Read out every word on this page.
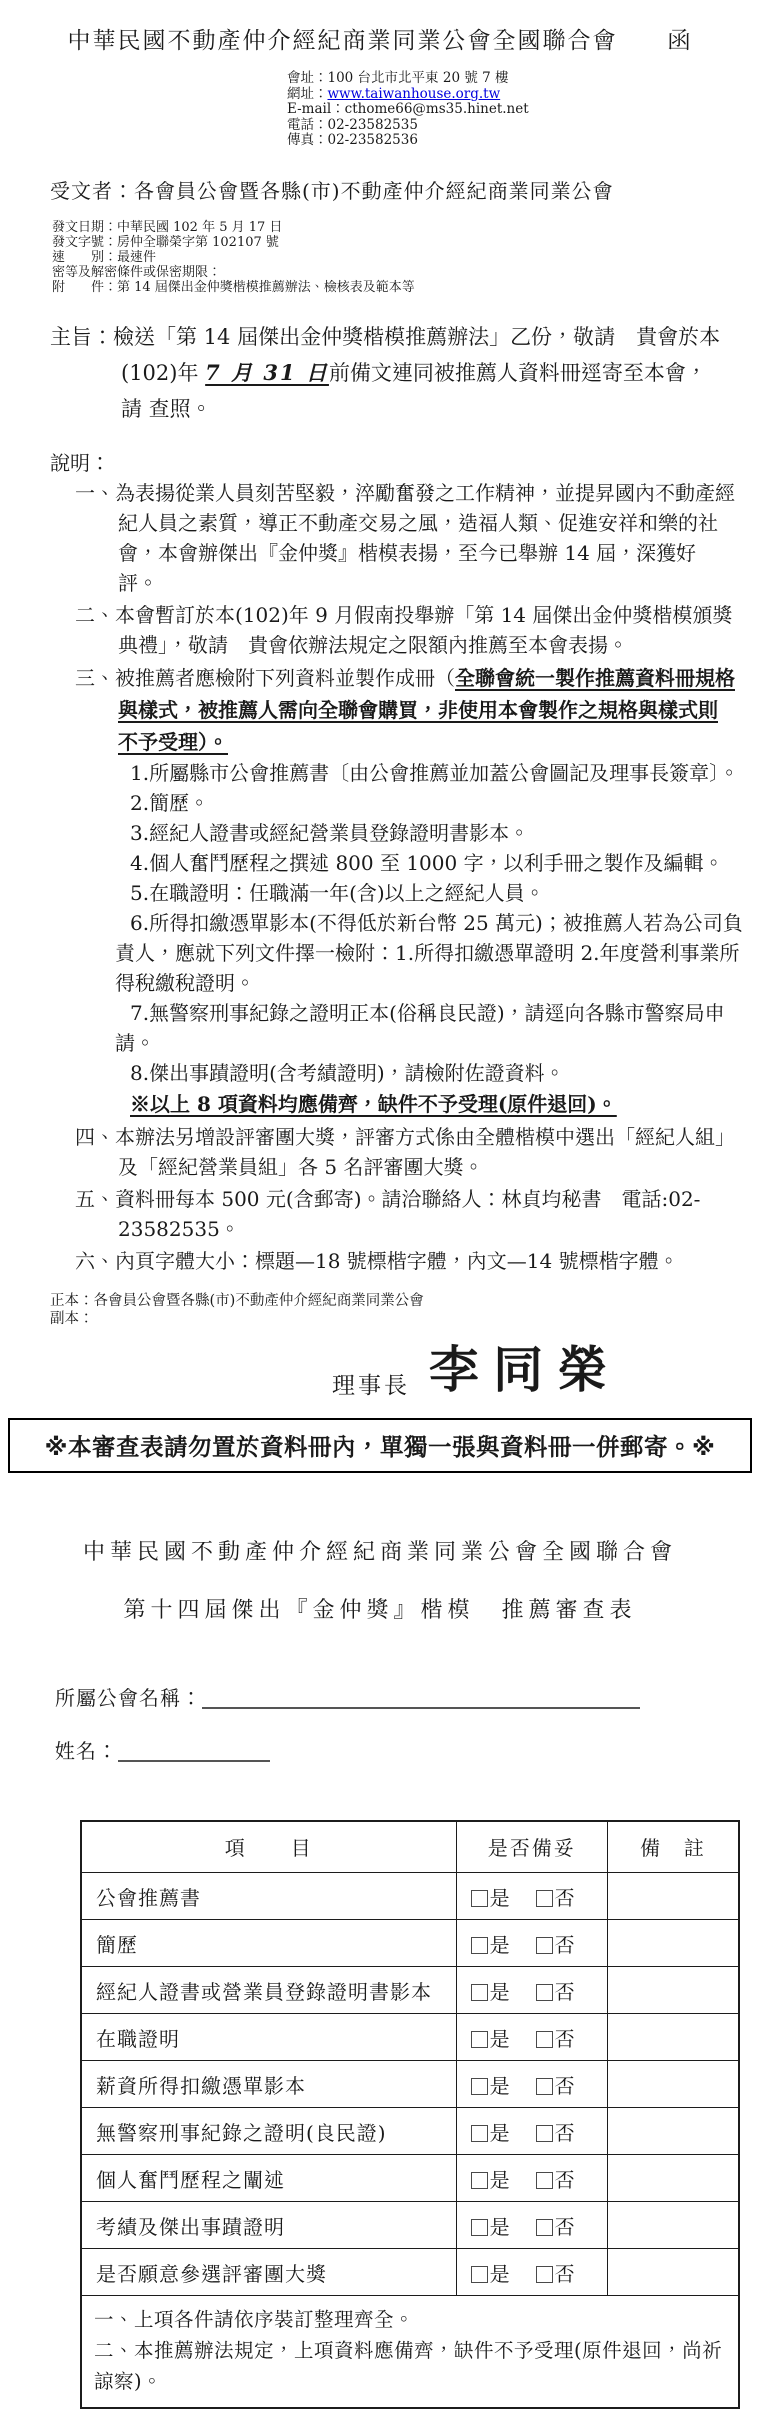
中華民國不動產仲介經紀商業同業公會全國聯合會　　函
會址：100 台北市北平東 20 號 7 樓
網址：www.taiwanhouse.org.tw
E-mail：cthome66@ms35.hinet.net
電話：02-23582535
傳真：02-23582536
受文者：各會員公會暨各縣(市)不動產仲介經紀商業同業公會
發文日期：中華民國 102 年 5 月 17 日
發文字號：房仲全聯榮字第 102107 號
速　　別：最速件
密等及解密條件或保密期限：
附　　件：第 14 屆傑出金仲獎楷模推薦辦法、檢核表及範本等
主旨：檢送「第 14 屆傑出金仲獎楷模推薦辦法」乙份，敬請　貴會於本(102)年 7 月 31 日前備文連同被推薦人資料冊逕寄至本會，請 查照。
說明：
一、為表揚從業人員刻苦堅毅，淬勵奮發之工作精神，並提昇國內不動產經紀人員之素質，導正不動產交易之風，造福人類、促進安祥和樂的社會，本會辦傑出『金仲獎』楷模表揚，至今已舉辦 14 屆，深獲好評。
二、本會暫訂於本(102)年 9 月假南投舉辦「第 14 屆傑出金仲獎楷模頒獎典禮」，敬請　貴會依辦法規定之限額內推薦至本會表揚。
三、被推薦者應檢附下列資料並製作成冊（全聯會統一製作推薦資料冊規格與樣式，被推薦人需向全聯會購買，非使用本會製作之規格與樣式則不予受理）。
1.所屬縣市公會推薦書〔由公會推薦並加蓋公會圖記及理事長簽章〕。
2.簡歷。
3.經紀人證書或經紀營業員登錄證明書影本。
4.個人奮鬥歷程之撰述 800 至 1000 字，以利手冊之製作及編輯。
5.在職證明：任職滿一年(含)以上之經紀人員。
6.所得扣繳憑單影本(不得低於新台幣 25 萬元)；被推薦人若為公司負責人，應就下列文件擇一檢附：1.所得扣繳憑單證明 2.年度營利事業所得稅繳稅證明。
7.無警察刑事紀錄之證明正本(俗稱良民證)，請逕向各縣市警察局申請。
8.傑出事蹟證明(含考績證明)，請檢附佐證資料。
※以上 8 項資料均應備齊，缺件不予受理(原件退回)。
四、本辦法另增設評審團大獎，評審方式係由全體楷模中選出「經紀人組」及「經紀營業員組」各 5 名評審團大獎。
五、資料冊每本 500 元(含郵寄)。請洽聯絡人：林貞均秘書　電話:02-23582535。
六、內頁字體大小：標題—18 號標楷字體，內文—14 號標楷字體。
正本：各會員公會暨各縣(市)不動產仲介經紀商業同業公會
副本：
理事長 李同榮
※本審查表請勿置於資料冊內，單獨一張與資料冊一併郵寄。※
中華民國不動產仲介經紀商業同業公會全國聯合會
第十四屆傑出『金仲獎』楷模　推薦審查表
所屬公會名稱：
姓名：
項　　目	是否備妥	備　註
公會推薦書	是 否	
簡歷	是 否	
經紀人證書或營業員登錄證明書影本	是 否	
在職證明	是 否	
薪資所得扣繳憑單影本	是 否	
無警察刑事紀錄之證明(良民證)	是 否	
個人奮鬥歷程之闡述	是 否	
考績及傑出事蹟證明	是 否	
是否願意參選評審團大獎	是 否	

一、上項各件請依序裝訂整理齊全。
二、本推薦辦法規定，上項資料應備齊，缺件不予受理(原件退回，尚祈諒察)。		
